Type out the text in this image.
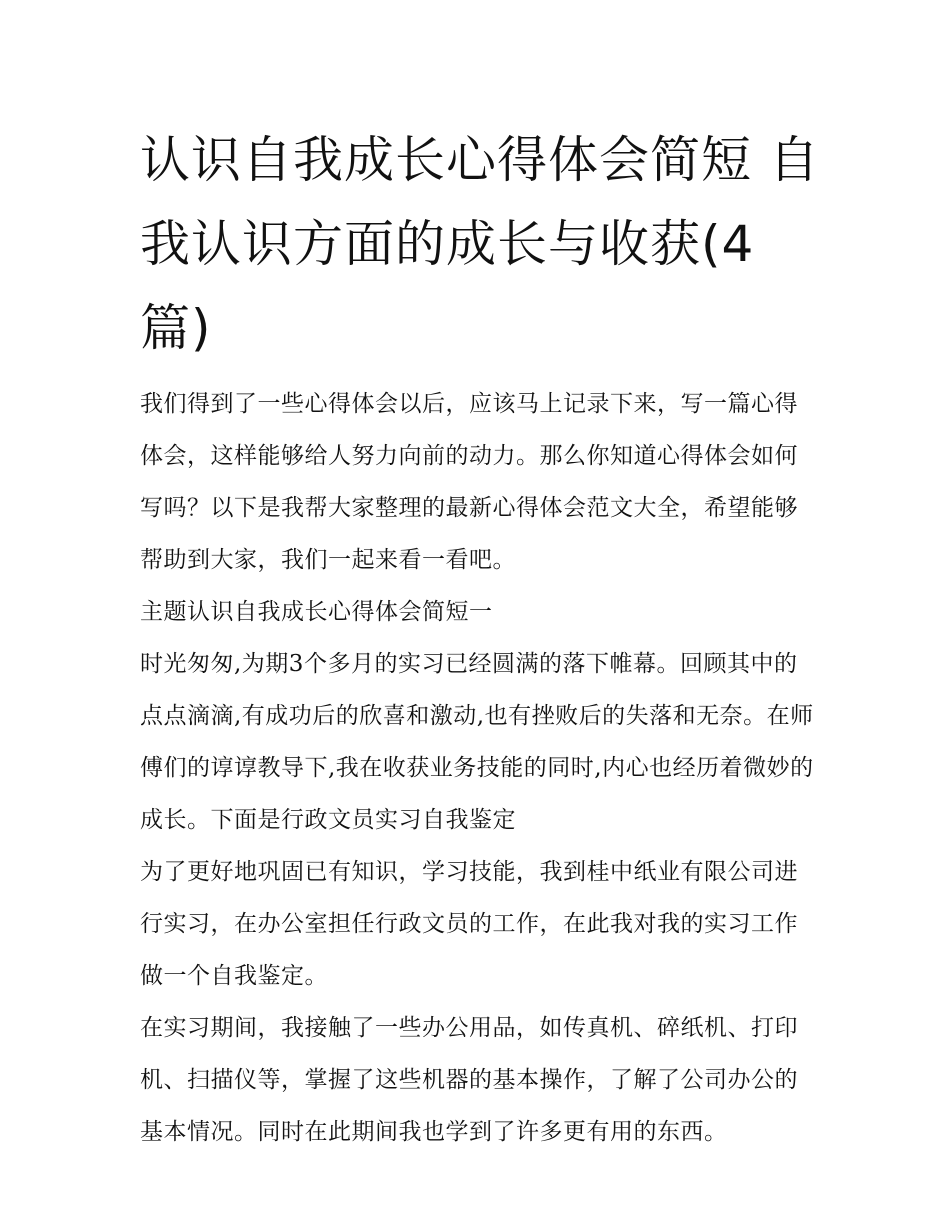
认识自我成长心得体会简短 自我认识方面的成长与收获(4篇)

我们得到了一些心得体会以后，应该马上记录下来，写一篇心得体会，这样能够给人努力向前的动力。那么你知道心得体会如何写吗？以下是我帮大家整理的最新心得体会范文大全，希望能够帮助到大家，我们一起来看一看吧。

主题认识自我成长心得体会简短一

时光匆匆,为期3个多月的实习已经圆满的落下帷幕。回顾其中的点点滴滴,有成功后的欣喜和激动,也有挫败后的失落和无奈。在师傅们的谆谆教导下,我在收获业务技能的同时,内心也经历着微妙的成长。下面是行政文员实习自我鉴定

为了更好地巩固已有知识，学习技能，我到桂中纸业有限公司进行实习，在办公室担任行政文员的工作，在此我对我的实习工作做一个自我鉴定。

在实习期间，我接触了一些办公用品，如传真机、碎纸机、打印机、扫描仪等，掌握了这些机器的基本操作，了解了公司办公的基本情况。同时在此期间我也学到了许多更有用的东西。
